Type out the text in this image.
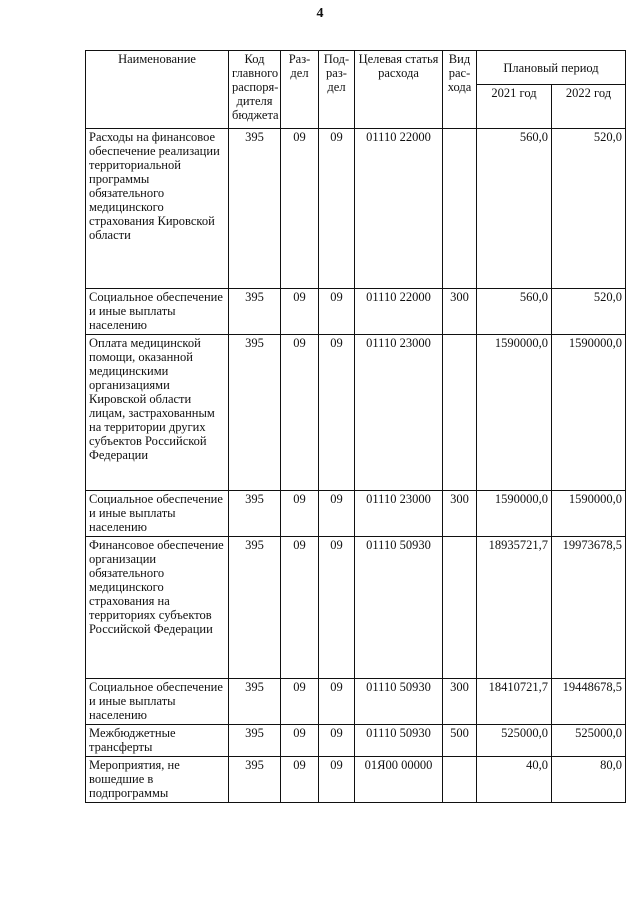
4
Наименование	Код главного распоря-дителя бюджета	Раз-дел	Под-раз-дел	Целевая статья расхода	Вид рас-хода	Плановый период	
						2021 год	2022 год
Расходы на финансовое обеспечение реализации территориальной программы обязательного медицинского страхования Кировской области	395	09	09	01110 22000		560,0	520,0
Социальное обеспечение и иные выплаты населению	395	09	09	01110 22000	300	560,0	520,0
Оплата медицинской помощи, оказанной медицинскими организациями Кировской области лицам, застрахованным на территории других субъектов Российской Федерации	395	09	09	01110 23000		1590000,0	1590000,0
Социальное обеспечение и иные выплаты населению	395	09	09	01110 23000	300	1590000,0	1590000,0
Финансовое обеспечение организации обязательного медицинского страхования на территориях субъектов Российской Федерации	395	09	09	01110 50930		18935721,7	19973678,5
Социальное обеспечение и иные выплаты населению	395	09	09	01110 50930	300	18410721,7	19448678,5
Межбюджетные трансферты	395	09	09	01110 50930	500	525000,0	525000,0
Мероприятия, не вошедшие в подпрограммы	395	09	09	01Я00 00000		40,0	80,0
